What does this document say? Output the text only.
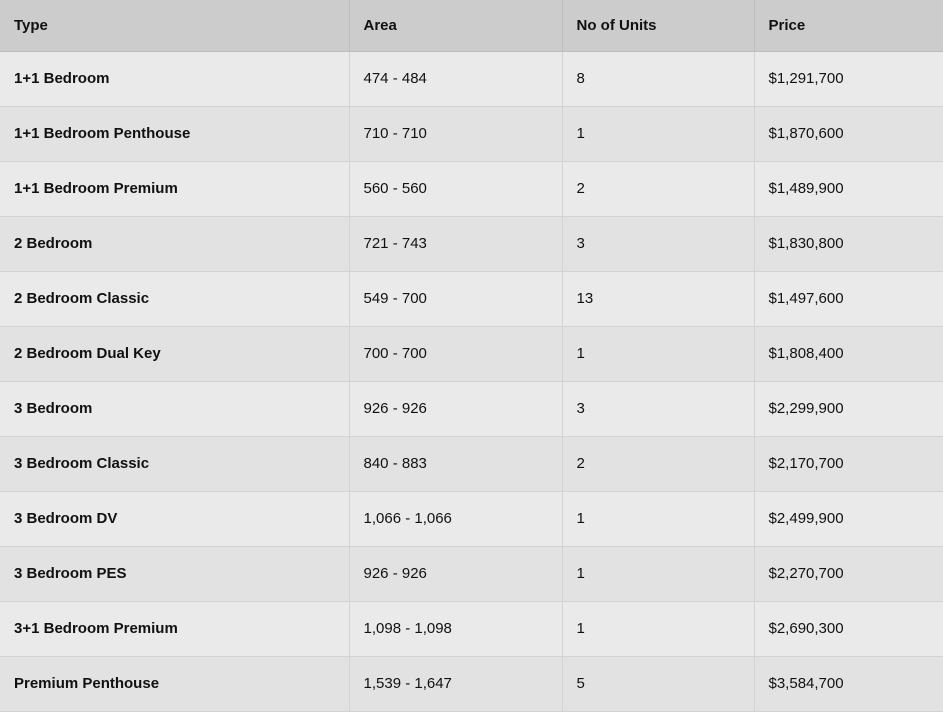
Type	Area	No of Units	Price
1+1 Bedroom	474 - 484	8	$1,291,700
1+1 Bedroom Penthouse	710 - 710	1	$1,870,600
1+1 Bedroom Premium	560 - 560	2	$1,489,900
2 Bedroom	721 - 743	3	$1,830,800
2 Bedroom Classic	549 - 700	13	$1,497,600
2 Bedroom Dual Key	700 - 700	1	$1,808,400
3 Bedroom	926 - 926	3	$2,299,900
3 Bedroom Classic	840 - 883	2	$2,170,700
3 Bedroom DV	1,066 - 1,066	1	$2,499,900
3 Bedroom PES	926 - 926	1	$2,270,700
3+1 Bedroom Premium	1,098 - 1,098	1	$2,690,300
Premium Penthouse	1,539 - 1,647	5	$3,584,700
